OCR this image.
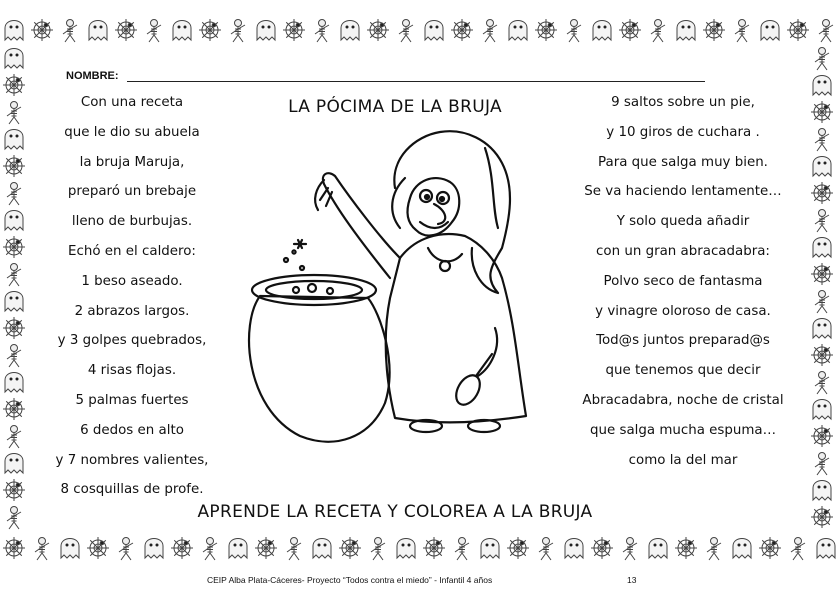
NOMBRE:
LA PÓCIMA DE LA BRUJA
Con una receta
que le dio su abuela
la bruja Maruja,
preparó un brebaje
lleno de burbujas.
Echó en el caldero:
1 beso aseado.
2 abrazos largos.
y 3 golpes quebrados,
4 risas flojas.
5 palmas fuertes
6 dedos en alto
y 7 nombres valientes,
8 cosquillas de profe.
9 saltos sobre un pie,
y 10 giros de cuchara .
Para que salga muy bien.
Se va haciendo lentamente…
Y solo queda añadir
con un gran abracadabra:
Polvo seco de fantasma
y vinagre oloroso de casa.
Tod@s juntos preparad@s
que tenemos que decir
Abracadabra, noche de cristal
que salga mucha espuma…
como la del mar
APRENDE LA RECETA Y COLOREA A LA BRUJA
CEIP Alba Plata-Cáceres- Proyecto “Todos contra el miedo” - Infantil 4 años	13
